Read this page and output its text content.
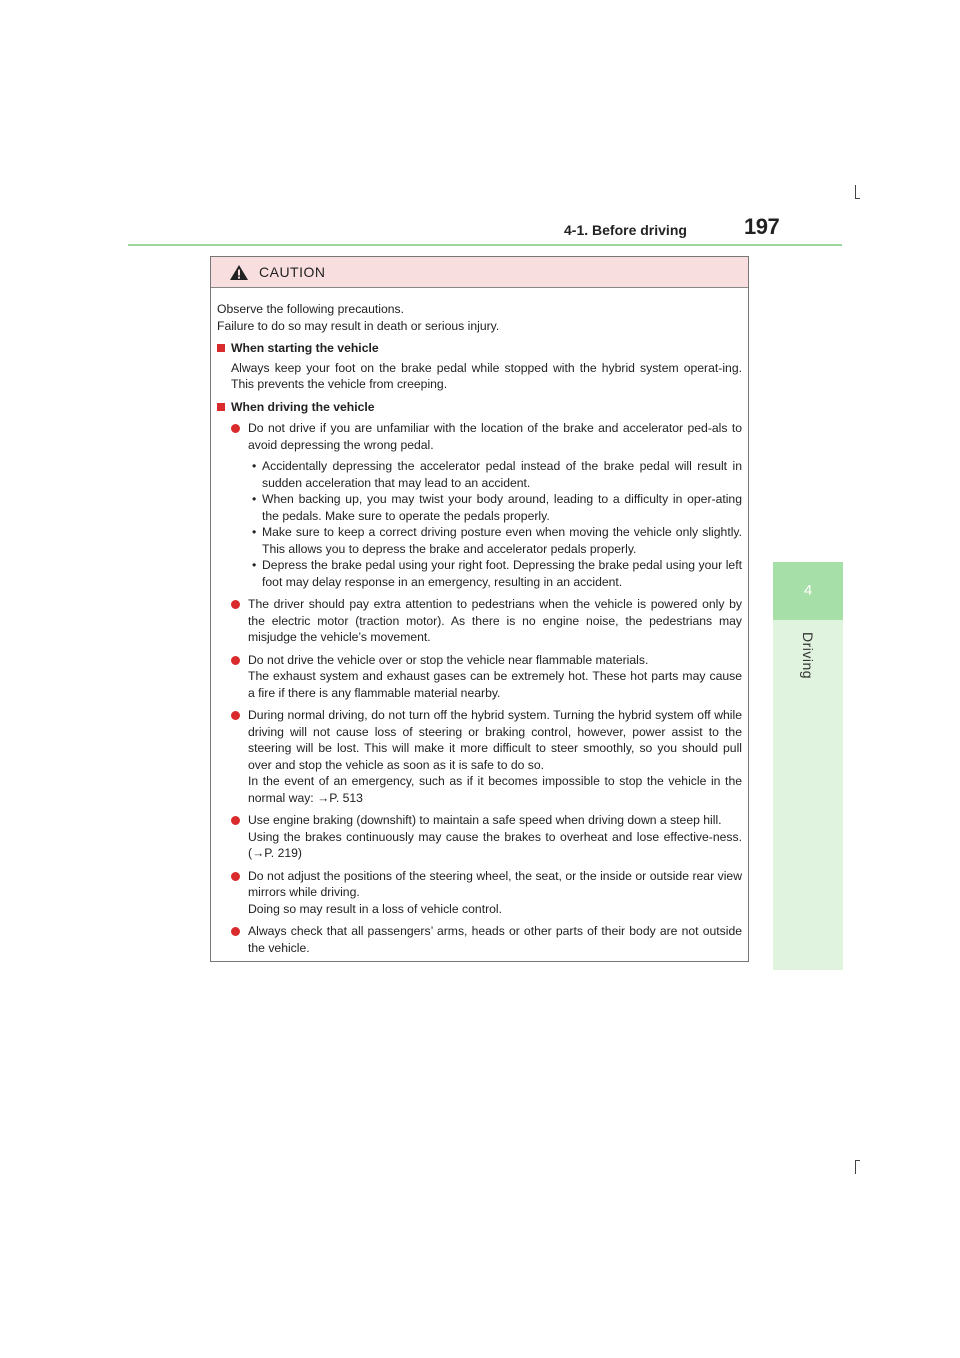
4-1. Before driving	197
4
Driving
CAUTION

Observe the following precautions.

Failure to do so may result in death or serious injury.

When starting the vehicle

Always keep your foot on the brake pedal while stopped with the hybrid system operat-ing. This prevents the vehicle from creeping.

When driving the vehicle
Do not drive if you are unfamiliar with the location of the brake and accelerator ped-als to avoid depressing the wrong pedal.
• Accidentally depressing the accelerator pedal instead of the brake pedal will result in sudden acceleration that may lead to an accident.
• When backing up, you may twist your body around, leading to a difficulty in oper-ating the pedals. Make sure to operate the pedals properly.
• Make sure to keep a correct driving posture even when moving the vehicle only slightly. This allows you to depress the brake and accelerator pedals properly.
• Depress the brake pedal using your right foot. Depressing the brake pedal using your left foot may delay response in an emergency, resulting in an accident.
The driver should pay extra attention to pedestrians when the vehicle is powered only by the electric motor (traction motor). As there is no engine noise, the pedestrians may misjudge the vehicle’s movement.

Do not drive the vehicle over or stop the vehicle near flammable materials.

The exhaust system and exhaust gases can be extremely hot. These hot parts may cause a fire if there is any flammable material nearby.

During normal driving, do not turn off the hybrid system. Turning the hybrid system off while driving will not cause loss of steering or braking control, however, power assist to the steering will be lost. This will make it more difficult to steer smoothly, so you should pull over and stop the vehicle as soon as it is safe to do so.

In the event of an emergency, such as if it becomes impossible to stop the vehicle in the normal way: →P. 513

Use engine braking (downshift) to maintain a safe speed when driving down a steep hill.

Using the brakes continuously may cause the brakes to overheat and lose effective-ness. (→P. 219)

Do not adjust the positions of the steering wheel, the seat, or the inside or outside rear view mirrors while driving.

Doing so may result in a loss of vehicle control.

Always check that all passengers’ arms, heads or other parts of their body are not outside the vehicle.
